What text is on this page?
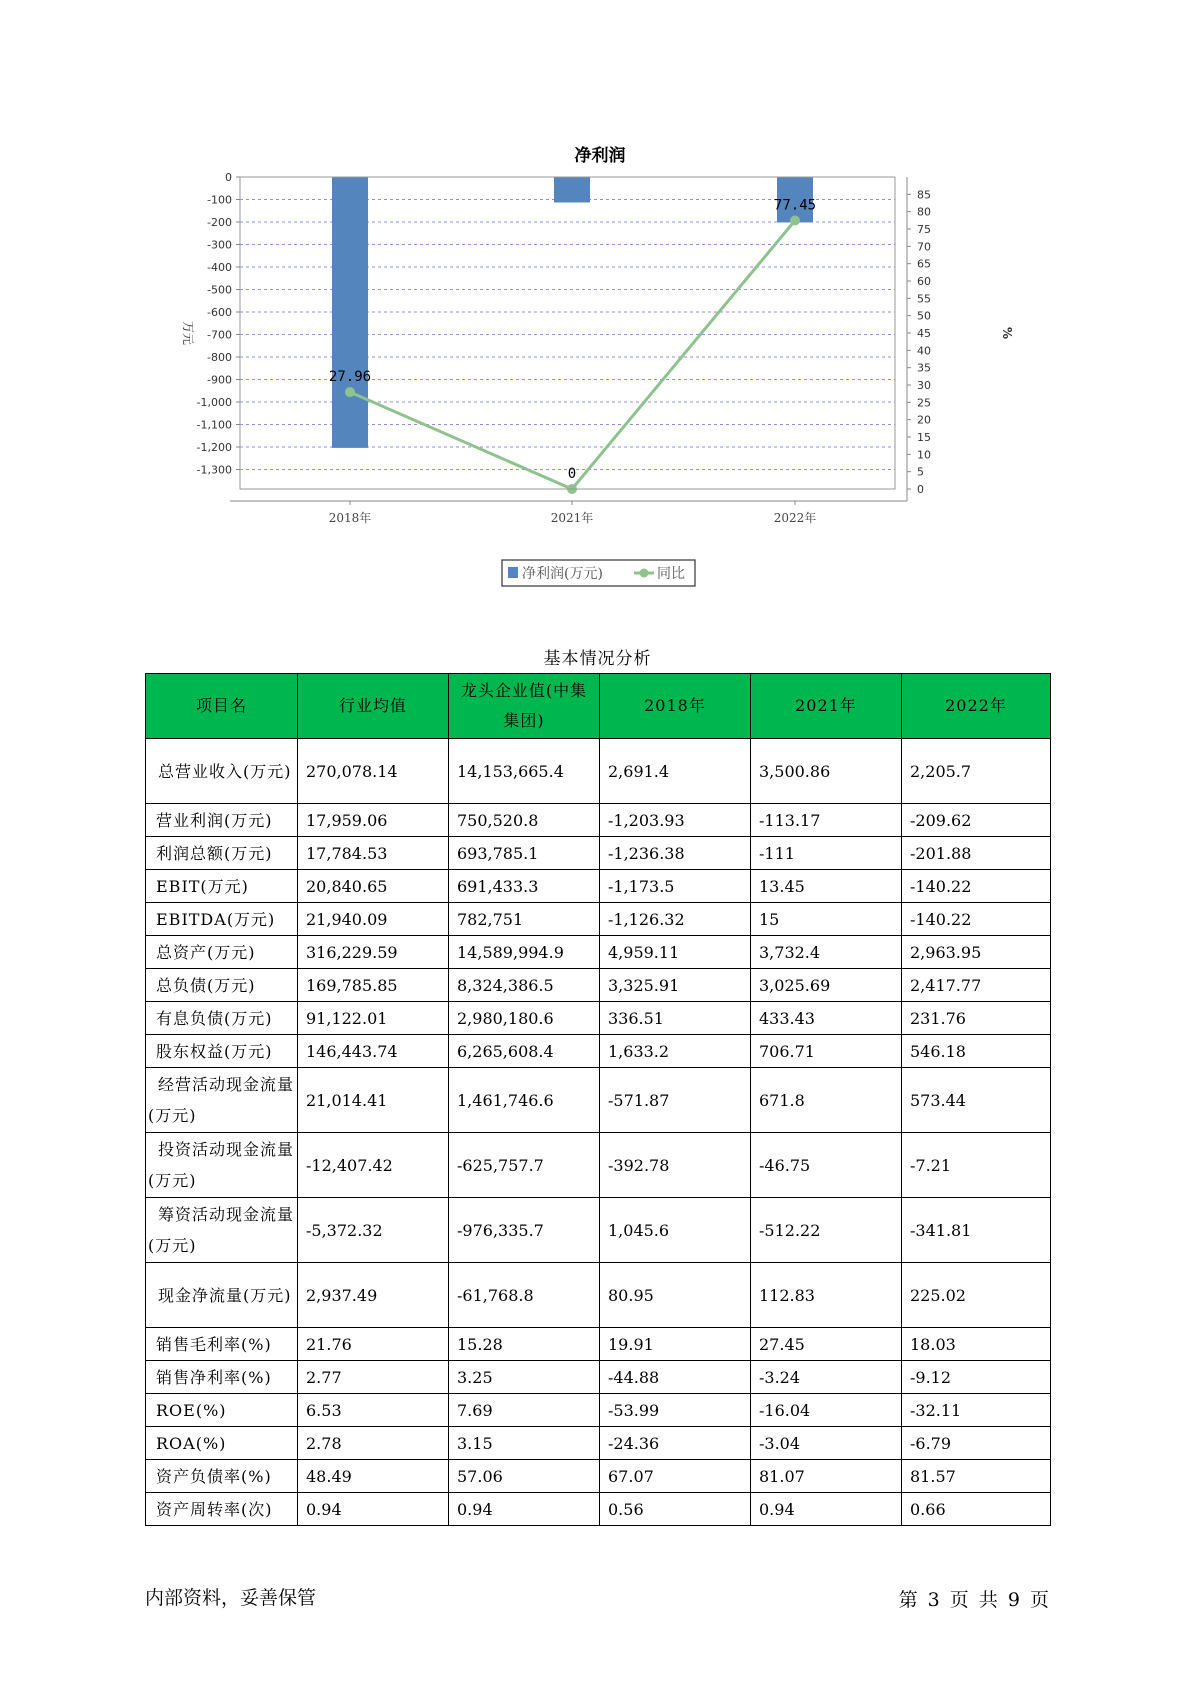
净利润
27.96
0
77.45
0
-100
-200
-300
-400
-500
-600
-700
-800
-900
-1,000
-1,100
-1,200
-1,300
万元
0
5
10
15
20
25
30
35
40
45
50
55
60
65
70
75
80
85
%
2018年	2021年	2022年
净利润(万元)	同比
基本情况分析
项目名	行业均值	龙头企业值(中集集团)	2018年	2021年	2022年
总营业收入(万元)	270,078.14	14,153,665.4	2,691.4	3,500.86	2,205.7
营业利润(万元)	17,959.06	750,520.8	-1,203.93	-113.17	-209.62
利润总额(万元)	17,784.53	693,785.1	-1,236.38	-111	-201.88
EBIT(万元)	20,840.65	691,433.3	-1,173.5	13.45	-140.22
EBITDA(万元)	21,940.09	782,751	-1,126.32	15	-140.22
总资产(万元)	316,229.59	14,589,994.9	4,959.11	3,732.4	2,963.95
总负债(万元)	169,785.85	8,324,386.5	3,325.91	3,025.69	2,417.77
有息负债(万元)	91,122.01	2,980,180.6	336.51	433.43	231.76
股东权益(万元)	146,443.74	6,265,608.4	1,633.2	706.71	546.18
经营活动现金流量(万元)	21,014.41	1,461,746.6	-571.87	671.8	573.44
投资活动现金流量(万元)	-12,407.42	-625,757.7	-392.78	-46.75	-7.21
筹资活动现金流量(万元)	-5,372.32	-976,335.7	1,045.6	-512.22	-341.81
现金净流量(万元)	2,937.49	-61,768.8	80.95	112.83	225.02
销售毛利率(%)	21.76	15.28	19.91	27.45	18.03
销售净利率(%)	2.77	3.25	-44.88	-3.24	-9.12
ROE(%)	6.53	7.69	-53.99	-16.04	-32.11
ROA(%)	2.78	3.15	-24.36	-3.04	-6.79
资产负债率(%)	48.49	57.06	67.07	81.07	81.57
资产周转率(次)	0.94	0.94	0.56	0.94	0.66
内部资料，妥善保管	第 3 页 共 9 页
